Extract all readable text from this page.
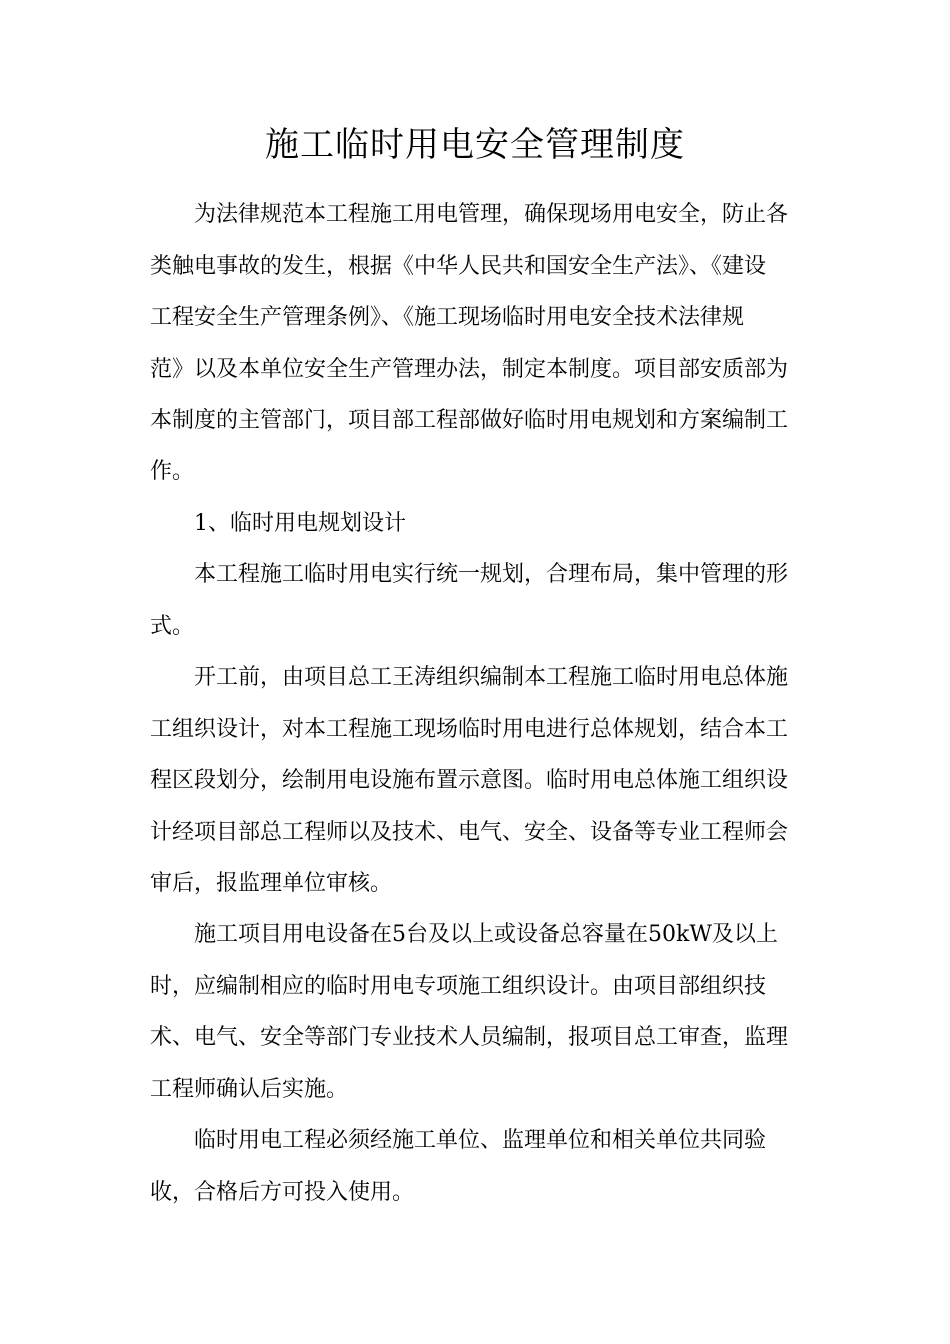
施工临时用电安全管理制度
为法律规范本工程施工用电管理，确保现场用电安全，防止各
类触电事故的发生，根据《中华人民共和国安全生产法》、《建设
工程安全生产管理条例》、《施工现场临时用电安全技术法律规
范》以及本单位安全生产管理办法，制定本制度。项目部安质部为
本制度的主管部门，项目部工程部做好临时用电规划和方案编制工
作。
1、临时用电规划设计
本工程施工临时用电实行统一规划，合理布局，集中管理的形
式。
开工前，由项目总工王涛组织编制本工程施工临时用电总体施
工组织设计，对本工程施工现场临时用电进行总体规划，结合本工
程区段划分，绘制用电设施布置示意图。临时用电总体施工组织设
计经项目部总工程师以及技术、电气、安全、设备等专业工程师会
审后，报监理单位审核。
施工项目用电设备在5台及以上或设备总容量在50kW及以上
时，应编制相应的临时用电专项施工组织设计。由项目部组织技
术、电气、安全等部门专业技术人员编制，报项目总工审查，监理
工程师确认后实施。
临时用电工程必须经施工单位、监理单位和相关单位共同验
收，合格后方可投入使用。
